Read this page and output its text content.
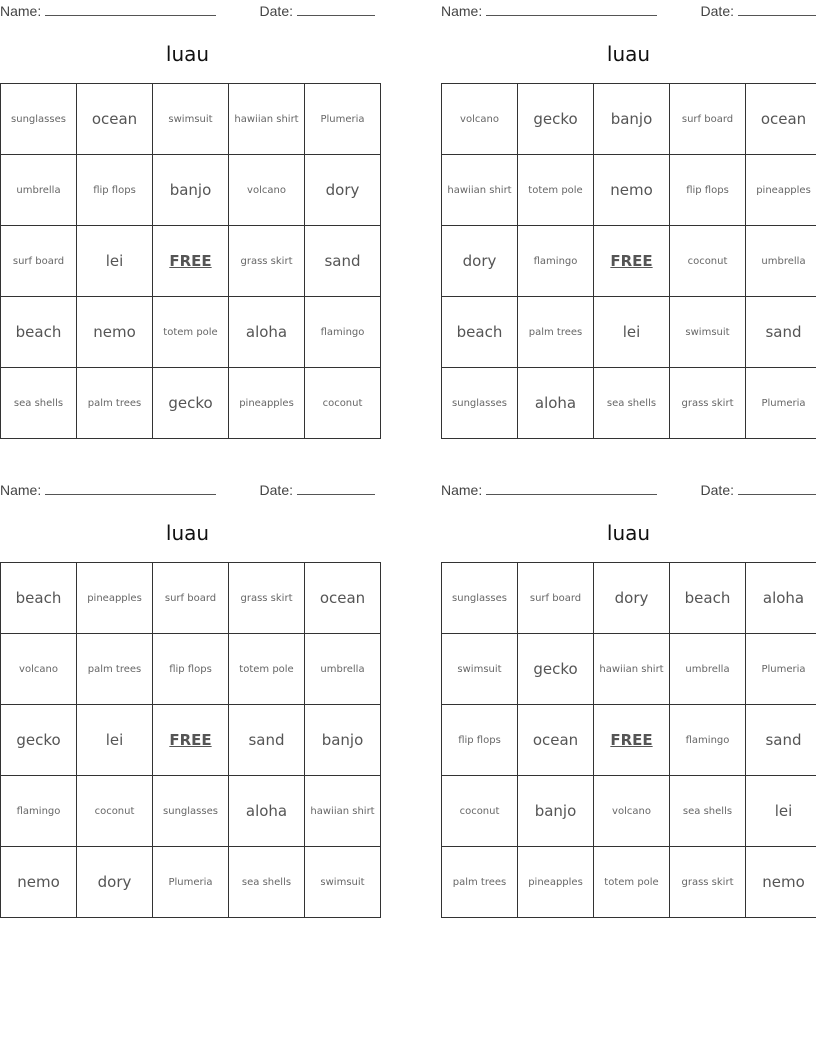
Name:	Date:
luau
sunglasses	ocean	swimsuit	hawiian shirt	Plumeria
umbrella	flip flops	banjo	volcano	dory
surf board	lei	FREE	grass skirt	sand
beach	nemo	totem pole	aloha	flamingo
sea shells	palm trees	gecko	pineapples	coconut
Name:	Date:
luau
volcano	gecko	banjo	surf board	ocean
hawiian shirt	totem pole	nemo	flip flops	pineapples
dory	flamingo	FREE	coconut	umbrella
beach	palm trees	lei	swimsuit	sand
sunglasses	aloha	sea shells	grass skirt	Plumeria
Name:	Date:
luau
beach	pineapples	surf board	grass skirt	ocean
volcano	palm trees	flip flops	totem pole	umbrella
gecko	lei	FREE	sand	banjo
flamingo	coconut	sunglasses	aloha	hawiian shirt
nemo	dory	Plumeria	sea shells	swimsuit
Name:	Date:
luau
sunglasses	surf board	dory	beach	aloha
swimsuit	gecko	hawiian shirt	umbrella	Plumeria
flip flops	ocean	FREE	flamingo	sand
coconut	banjo	volcano	sea shells	lei
palm trees	pineapples	totem pole	grass skirt	nemo
